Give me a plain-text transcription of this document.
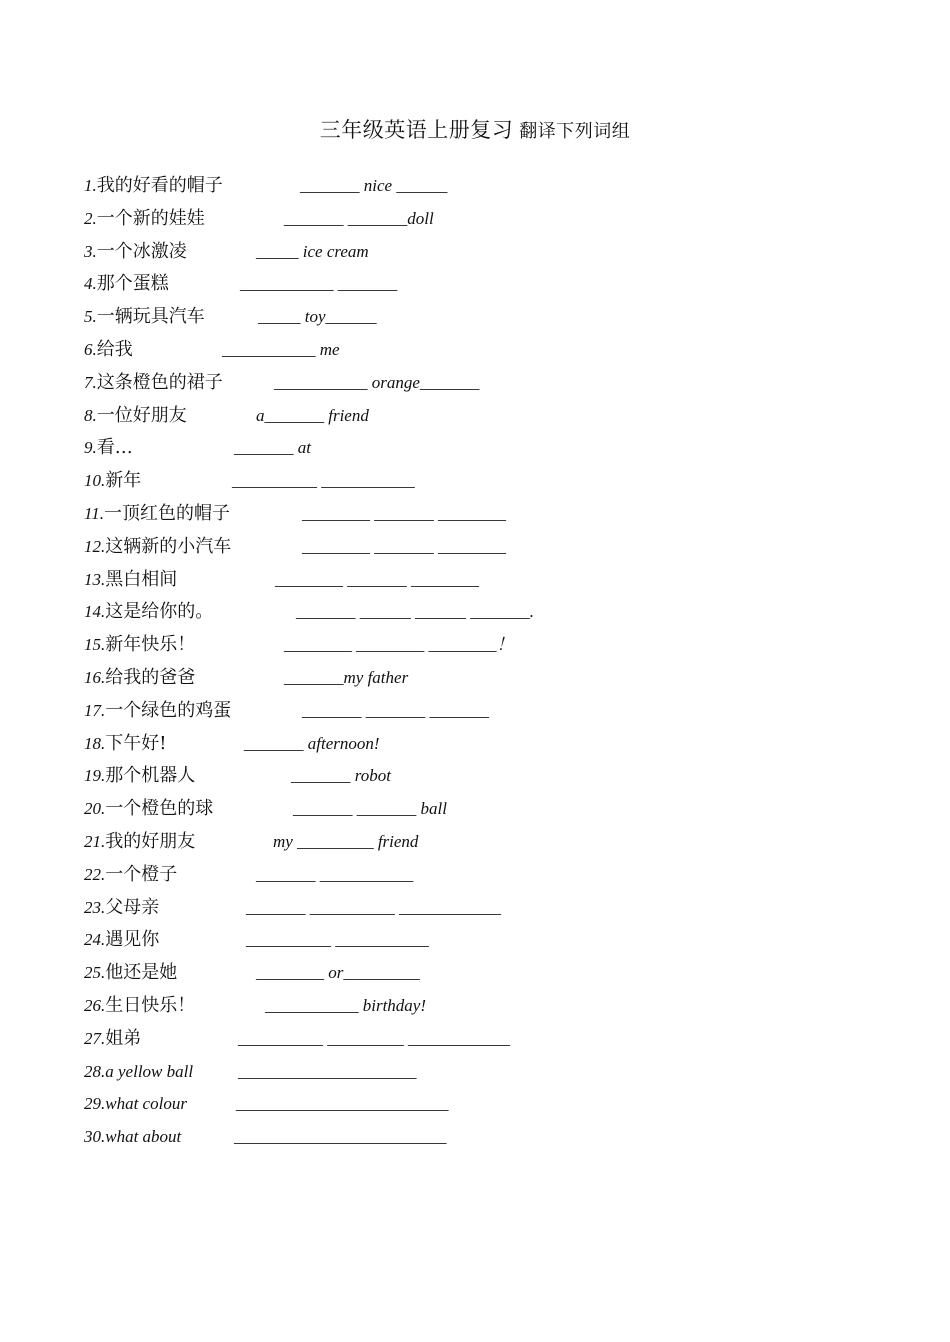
三年级英语上册复习 翻译下列词组
1.我的好看的帽子	_______ nice ______
2.一个新的娃娃	_______ _______doll
3.一个冰激凌	_____ ice cream
4.那个蛋糕	___________ _______
5.一辆玩具汽车	_____ toy______
6.给我	___________ me
7.这条橙色的裙子	___________ orange_______
8.一位好朋友	a_______ friend
9.看…	_______ at
10.新年	__________ ___________
11.一顶红色的帽子	________ _______ ________
12.这辆新的小汽车	________ _______ ________
13.黑白相间	________ _______ ________
14.这是给你的。	_______ ______ ______ _______.
15.新年快乐！	________ ________ ________！
16.给我的爸爸	_______my father
17.一个绿色的鸡蛋	_______ _______ _______
18.下午好!	_______ afternoon!
19.那个机器人	_______ robot
20.一个橙色的球	_______ _______ ball
21.我的好朋友	my _________ friend
22.一个橙子	_______ ___________
23.父母亲	_______ __________ ____________
24.遇见你	__________ ___________
25.他还是她	________ or_________
26.生日快乐！	___________ birthday!
27.姐弟	__________ _________ ____________
28.a yellow ball	_____________________
29.what colour	_________________________
30.what about	_________________________
